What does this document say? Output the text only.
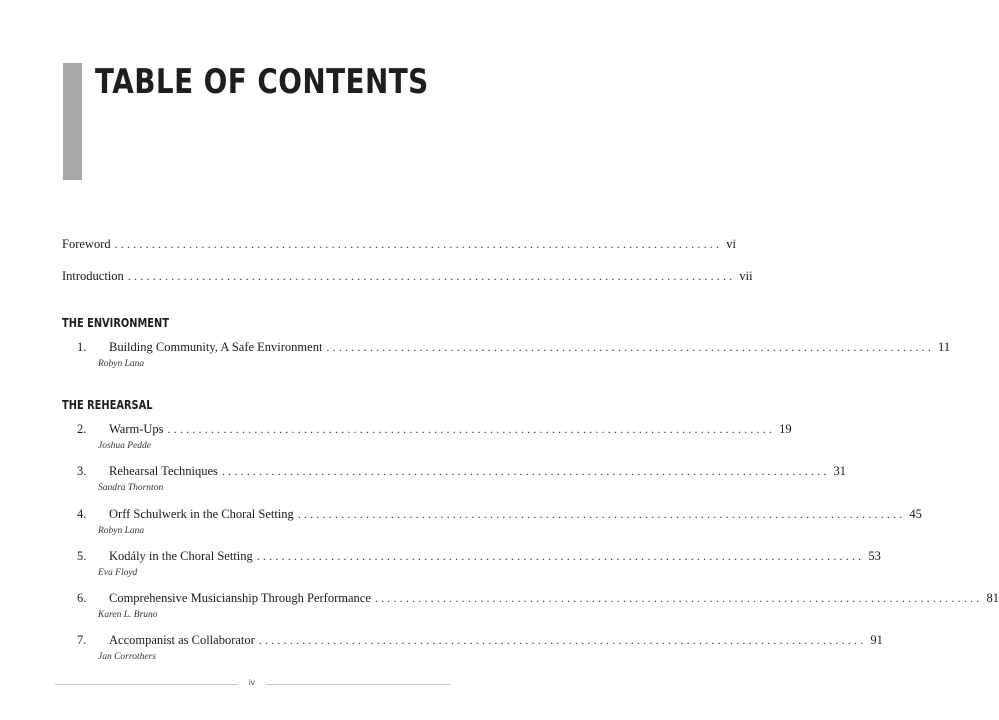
TABLE OF CONTENTS
Foreword .................................................................................................. vi
Introduction .................................................................................................. vii
THE ENVIRONMENT
1.	Building Community, A Safe Environment .................................................................................................. 11
Robyn Lana
THE REHEARSAL
2.	Warm-Ups .................................................................................................. 19
Joshua Pedde
3.	Rehearsal Techniques .................................................................................................. 31
Sandra Thornton
4.	Orff Schulwerk in the Choral Setting .................................................................................................. 45
Robyn Lana
5.	Kodály in the Choral Setting .................................................................................................. 53
Eva Floyd
6.	Comprehensive Musicianship Through Performance .................................................................................................. 81
Karen L. Bruno
7.	Accompanist as Collaborator .................................................................................................. 91
Jan Corrothers
iv
